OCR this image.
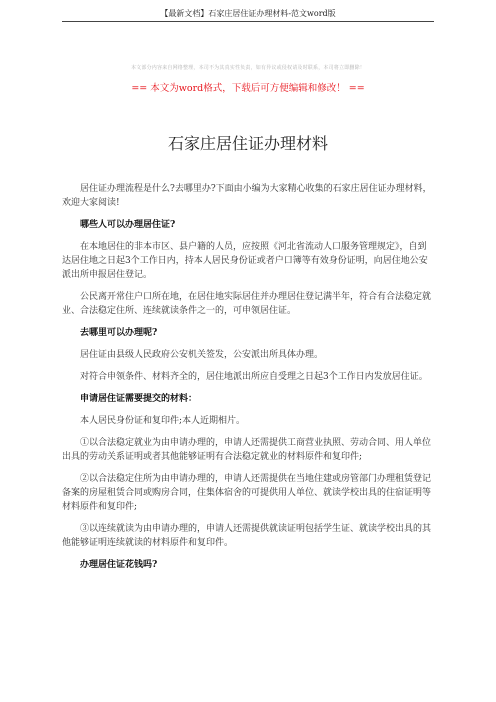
【最新文档】石家庄居住证办理材料-范文word版
本文部分内容来自网络整理，本司不为其真实性负责，如有异议或侵权请及时联系，本司将立即删除！
== 本文为word格式，下载后可方便编辑和修改！ ==
石家庄居住证办理材料

居住证办理流程是什么?去哪里办?下面由小编为大家精心收集的石家庄居住证办理材料，欢迎大家阅读!

哪些人可以办理居住证?

在本地居住的非本市区、县户籍的人员，应按照《河北省流动人口服务管理规定》，自到达居住地之日起3个工作日内，持本人居民身份证或者户口簿等有效身份证明，向居住地公安派出所申报居住登记。

公民离开常住户口所在地，在居住地实际居住并办理居住登记满半年，符合有合法稳定就业、合法稳定住所、连续就读条件之一的，可申领居住证。

去哪里可以办理呢?

居住证由县级人民政府公安机关签发，公安派出所具体办理。

对符合申领条件、材料齐全的，居住地派出所应自受理之日起3个工作日内发放居住证。

申请居住证需要提交的材料：

本人居民身份证和复印件;本人近期相片。

①以合法稳定就业为由申请办理的，申请人还需提供工商营业执照、劳动合同、用人单位出具的劳动关系证明或者其他能够证明有合法稳定就业的材料原件和复印件;

②以合法稳定住所为由申请办理的，申请人还需提供在当地住建或房管部门办理租赁登记备案的房屋租赁合同或购房合同，住集体宿舍的可提供用人单位、就读学校出具的住宿证明等材料原件和复印件;

③以连续就读为由申请办理的，申请人还需提供就读证明包括学生证、就读学校出具的其他能够证明连续就读的材料原件和复印件。

办理居住证花钱吗?
